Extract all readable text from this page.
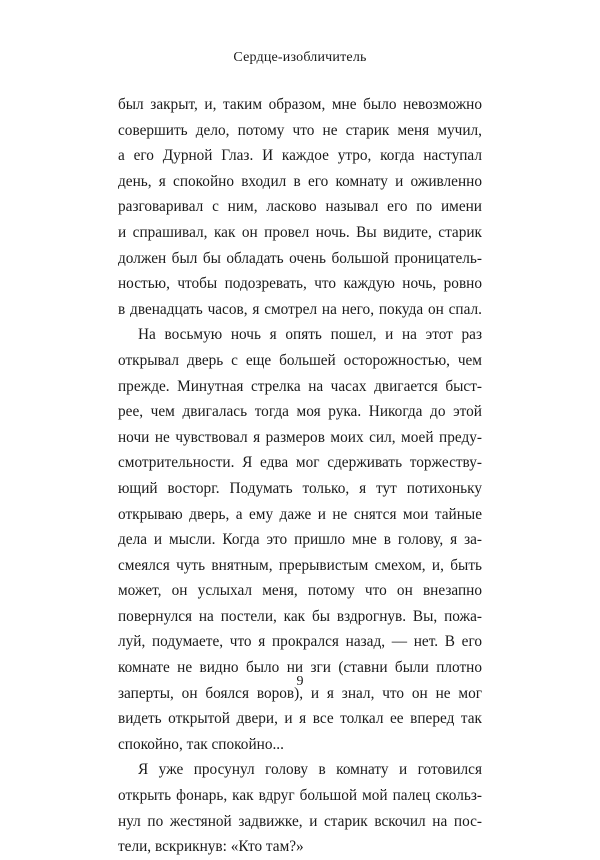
Сердце-изобличитель
был закрыт, и, таким образом, мне было невозможно
совершить дело, потому что не старик меня мучил,
а его Дурной Глаз. И каждое утро, когда наступал
день, я спокойно входил в его комнату и оживленно
разговаривал с ним, ласково называл его по имени
и спрашивал, как он провел ночь. Вы видите, старик
должен был бы обладать очень большой проницатель-
ностью, чтобы подозревать, что каждую ночь, ровно
в двенадцать часов, я смотрел на него, покуда он спал.
На восьмую ночь я опять пошел, и на этот раз
открывал дверь с еще большей осторожностью, чем
прежде. Минутная стрелка на часах двигается быст-
рее, чем двигалась тогда моя рука. Никогда до этой
ночи не чувствовал я размеров моих сил, моей преду-
смотрительности. Я едва мог сдерживать торжеству-
ющий восторг. Подумать только, я тут потихоньку
открываю дверь, а ему даже и не снятся мои тайные
дела и мысли. Когда это пришло мне в голову, я за-
смеялся чуть внятным, прерывистым смехом, и, быть
может, он услыхал меня, потому что он внезапно
повернулся на постели, как бы вздрогнув. Вы, пожа-
луй, подумаете, что я прокрался назад, — нет. В его
комнате не видно было ни зги (ставни были плотно
заперты, он боялся воров), и я знал, что он не мог
видеть открытой двери, и я все толкал ее вперед так
спокойно, так спокойно...
Я уже просунул голову в комнату и готовился
открыть фонарь, как вдруг большой мой палец скольз-
нул по жестяной задвижке, и старик вскочил на пос-
тели, вскрикнув: «Кто там?»
9
